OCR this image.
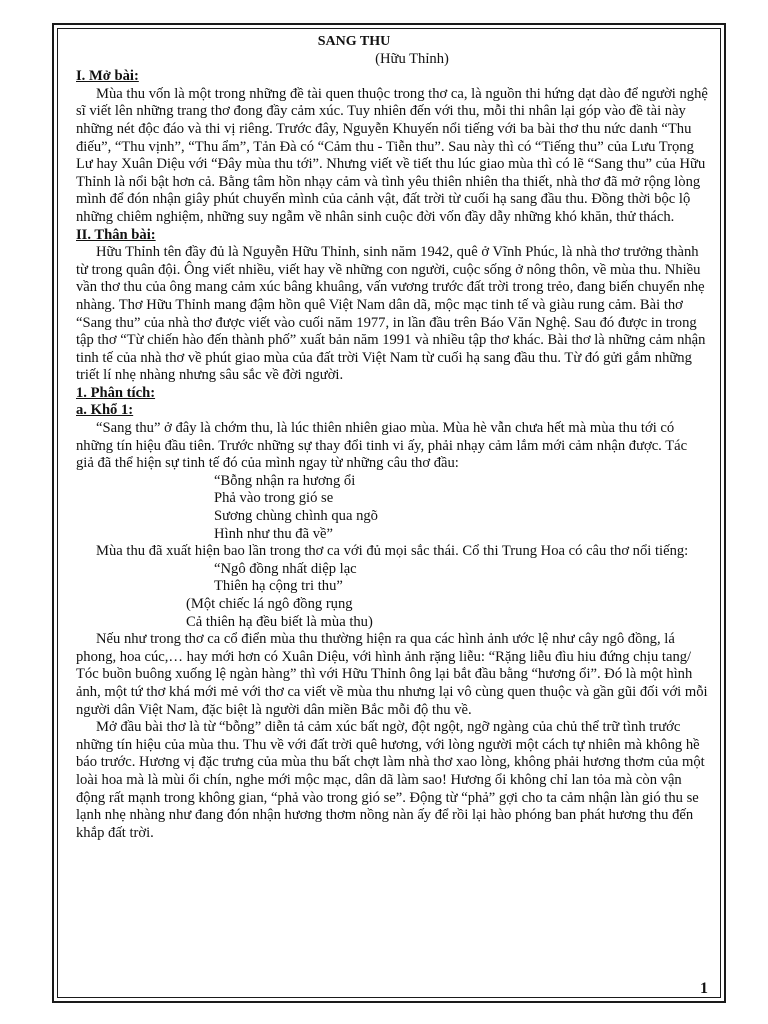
SANG THU

(Hữu Thỉnh)

I. Mở bài:

Mùa thu vốn là một trong những đề tài quen thuộc trong thơ ca, là nguồn thi hứng dạt dào để người nghệ sĩ viết lên những trang thơ đong đầy cảm xúc. Tuy nhiên đến với thu, mỗi thi nhân lại góp vào đề tài này những nét độc đáo và thi vị riêng. Trước đây, Nguyễn Khuyến nổi tiếng với ba bài thơ thu nức danh “Thu điếu”, “Thu vịnh”, “Thu ẩm”, Tản Đà có “Cảm thu - Tiễn thu”. Sau này thì có “Tiếng thu” của Lưu Trọng Lư hay Xuân Diệu với “Đây mùa thu tới”. Nhưng viết về tiết thu lúc giao mùa thì có lẽ “Sang thu” của Hữu Thỉnh là nổi bật hơn cả. Bằng tâm hồn nhạy cảm và tình yêu thiên nhiên tha thiết, nhà thơ đã mở rộng lòng mình để đón nhận giây phút chuyển mình của cảnh vật, đất trời từ cuối hạ sang đầu thu. Đồng thời bộc lộ những chiêm nghiệm, những suy ngẫm về nhân sinh cuộc đời vốn đầy dẫy những khó khăn, thử thách.

II. Thân bài:

Hữu Thỉnh tên đầy đủ là Nguyễn Hữu Thỉnh, sinh năm 1942, quê ở Vĩnh Phúc, là nhà thơ trưởng thành từ trong quân đội. Ông viết nhiều, viết hay về những con người, cuộc sống ở nông thôn, về mùa thu. Nhiều vần thơ thu của ông mang cảm xúc bâng khuâng, vấn vương trước đất trời trong trẻo, đang biến chuyển nhẹ nhàng. Thơ Hữu Thỉnh mang đậm hồn quê Việt Nam dân dã, mộc mạc tinh tế và giàu rung cảm. Bài thơ “Sang thu” của nhà thơ được viết vào cuối năm 1977, in lần đầu trên Báo Văn Nghệ. Sau đó được in trong tập thơ “Từ chiến hào đến thành phố” xuất bản năm 1991 và nhiều tập thơ khác. Bài thơ là những cảm nhận tinh tế của nhà thơ về phút giao mùa của đất trời Việt Nam từ cuối hạ sang đầu thu. Từ đó gửi gắm những triết lí nhẹ nhàng nhưng sâu sắc về đời người.

1. Phân tích:

a. Khổ 1:

“Sang thu” ở đây là chớm thu, là lúc thiên nhiên giao mùa. Mùa hè vẫn chưa hết mà mùa thu tới có những tín hiệu đầu tiên. Trước những sự thay đổi tinh vi ấy, phải nhạy cảm lắm mới cảm nhận được. Tác giả đã thể hiện sự tinh tế đó của mình ngay từ những câu thơ đầu:

“Bỗng nhận ra hương ổi
Phả vào trong gió se
Sương chùng chình qua ngõ
Hình như thu đã về”

Mùa thu đã xuất hiện bao lần trong thơ ca với đủ mọi sắc thái. Cổ thi Trung Hoa có câu thơ nổi tiếng:

“Ngô đồng nhất diệp lạc
Thiên hạ cộng tri thu”
(Một chiếc lá ngô đồng rụng
Cả thiên hạ đều biết là mùa thu)

Nếu như trong thơ ca cổ điển mùa thu thường hiện ra qua các hình ảnh ước lệ như cây ngô đồng, lá phong, hoa cúc,… hay mới hơn có Xuân Diệu, với hình ảnh rặng liễu: “Rặng liễu đìu hiu đứng chịu tang/ Tóc buồn buông xuống lệ ngàn hàng” thì với Hữu Thỉnh ông lại bắt đầu bằng “hương ổi”. Đó là một hình ảnh, một tứ thơ khá mới mẻ với thơ ca viết về mùa thu nhưng lại vô cùng quen thuộc và gần gũi đối với mỗi người dân Việt Nam, đặc biệt là người dân miền Bắc mỗi độ thu về.

Mở đầu bài thơ là từ “bỗng” diễn tả cảm xúc bất ngờ, đột ngột, ngỡ ngàng của chủ thể trữ tình trước những tín hiệu của mùa thu. Thu về với đất trời quê hương, với lòng người một cách tự nhiên mà không hề báo trước. Hương vị đặc trưng của mùa thu bất chợt làm nhà thơ xao lòng, không phải hương thơm của một loài hoa mà là mùi ổi chín, nghe mới mộc mạc, dân dã làm sao! Hương ổi không chỉ lan tỏa mà còn vận động rất mạnh trong không gian, “phả vào trong gió se”. Động từ “phả” gợi cho ta cảm nhận làn gió thu se lạnh nhẹ nhàng như đang đón nhận hương thơm nồng nàn ấy để rồi lại hào phóng ban phát hương thu đến khắp đất trời.

1
